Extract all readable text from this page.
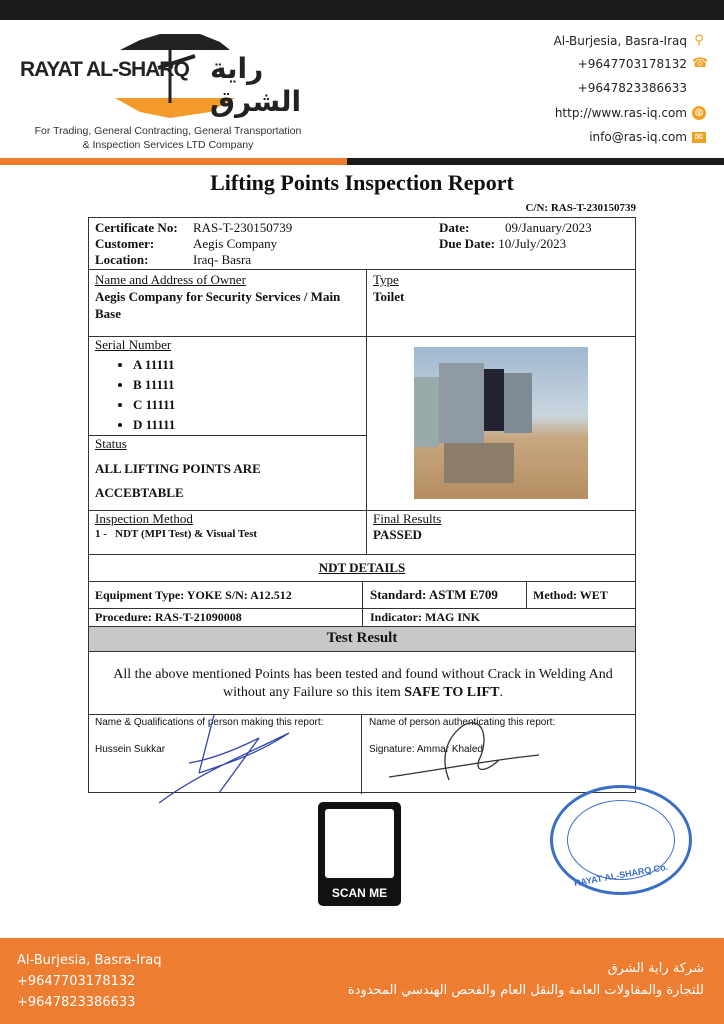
RAYAT AL-SHARQ راية الشرق
For Trading, General Contracting, General Transportation
& Inspection Services LTD Company
Al-Burjesia, Basra-Iraq ⚲
+9647703178132 ☎
+9647823386633
http://www.ras-iq.com ◍
info@ras-iq.com ✉
Lifting Points Inspection Report
C/N: RAS-T-230150739
Certificate No: RAS-T-230150739
Customer:	Aegis Company
Location:	Iraq- Basra
Date:	09/January/2023
Due Date: 10/July/2023
Name and Address of Owner
Aegis Company for Security Services / Main Base
Type
Toilet
Serial Number
• A 11111
• B 11111
• C 11111
• D 11111
Status
ALL LIFTING POINTS ARE
ACCEBTABLE
Inspection Method
1 - NDT (MPI Test) & Visual Test
Final Results
PASSED
NDT DETAILS
Equipment Type: YOKE S/N: A12.512	Standard: ASTM E709	Method: WET
Procedure: RAS-T-21090008	Indicator: MAG INK
Test Result
All the above mentioned Points has been tested and found without Crack in Welding And without any Failure so this item SAFE TO LIFT.
Name & Qualifications of person making this report:
Hussein Sukkar
Name of person authenticating this report:
Signature: Ammar Khaled
SCAN ME
RAYAT AL-SHARQ Co.
Al-Burjesia, Basra-Iraq
+9647703178132
+9647823386633
شركة راية الشرق
للتجارة والمقاولات العامة والنقل العام والفحص الهندسي المحدودة
